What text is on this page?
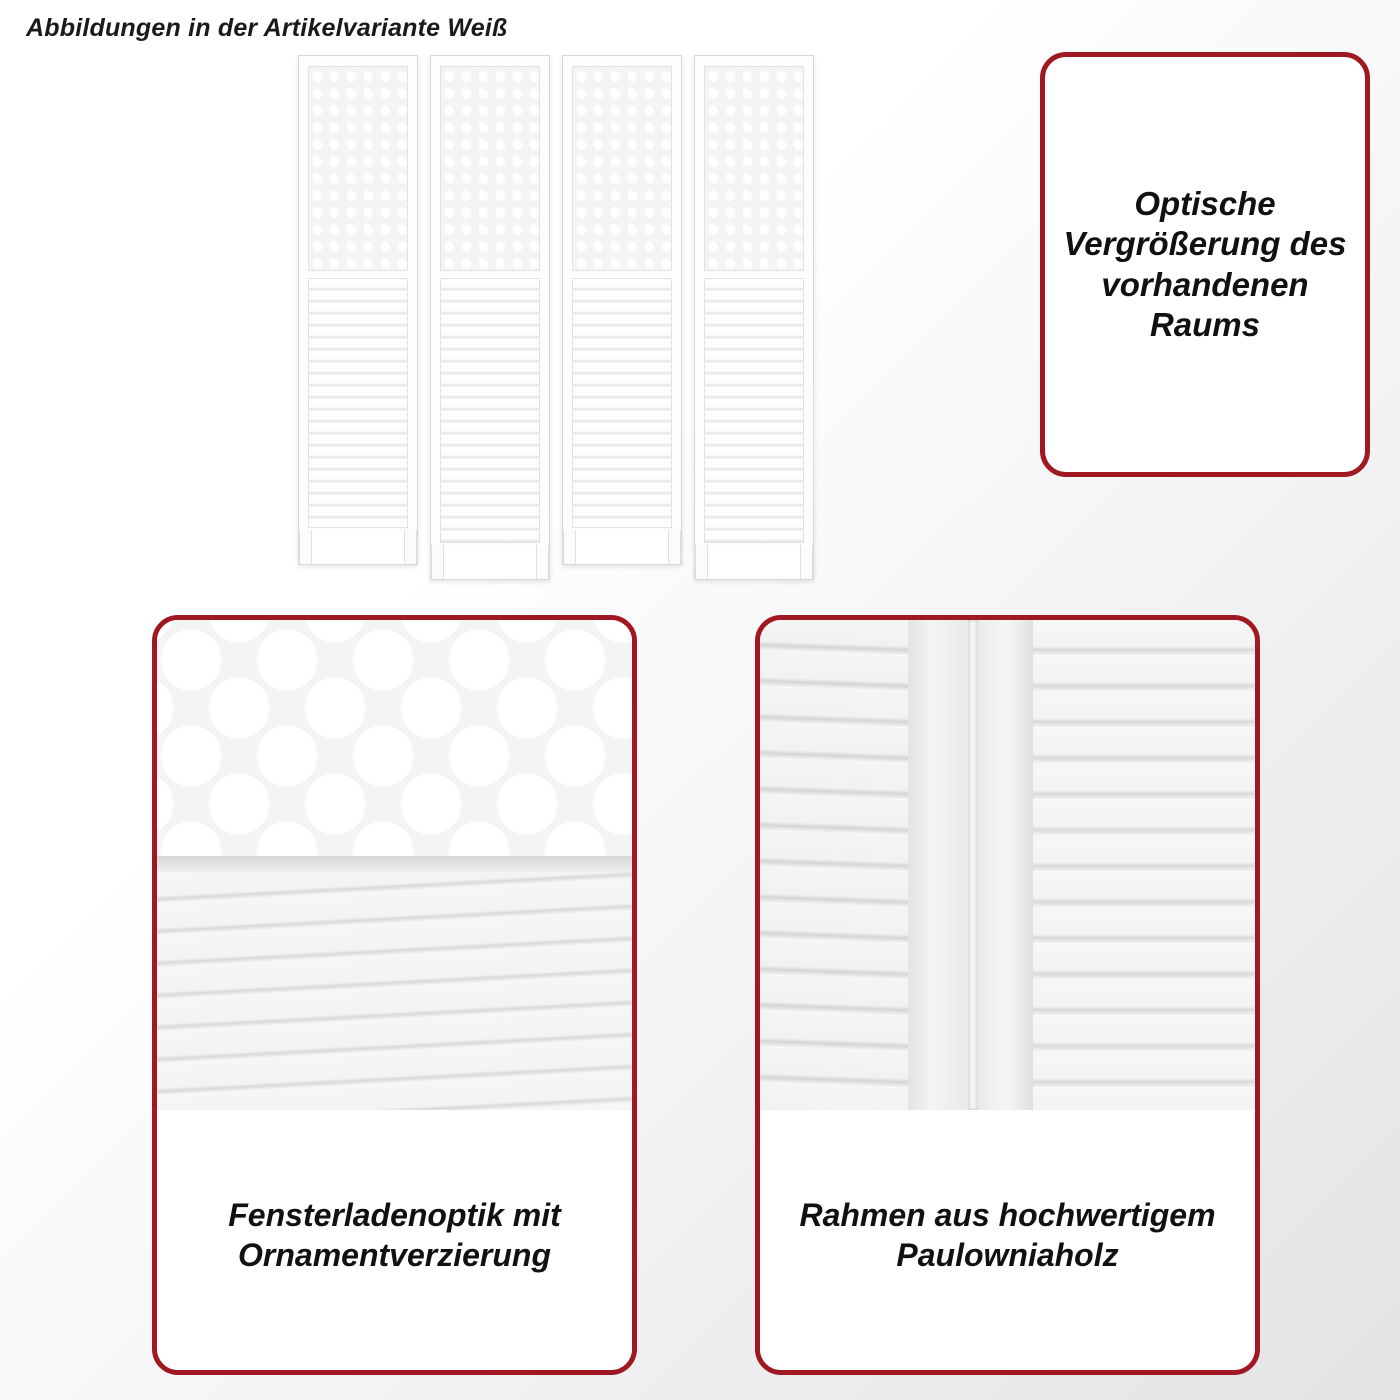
Abbildungen in der Artikelvariante Weiß
Optische Vergrößerung des vorhandenen Raums
Fensterladenoptik mit Ornamentverzierung
Rahmen aus hochwertigem Paulowniaholz
